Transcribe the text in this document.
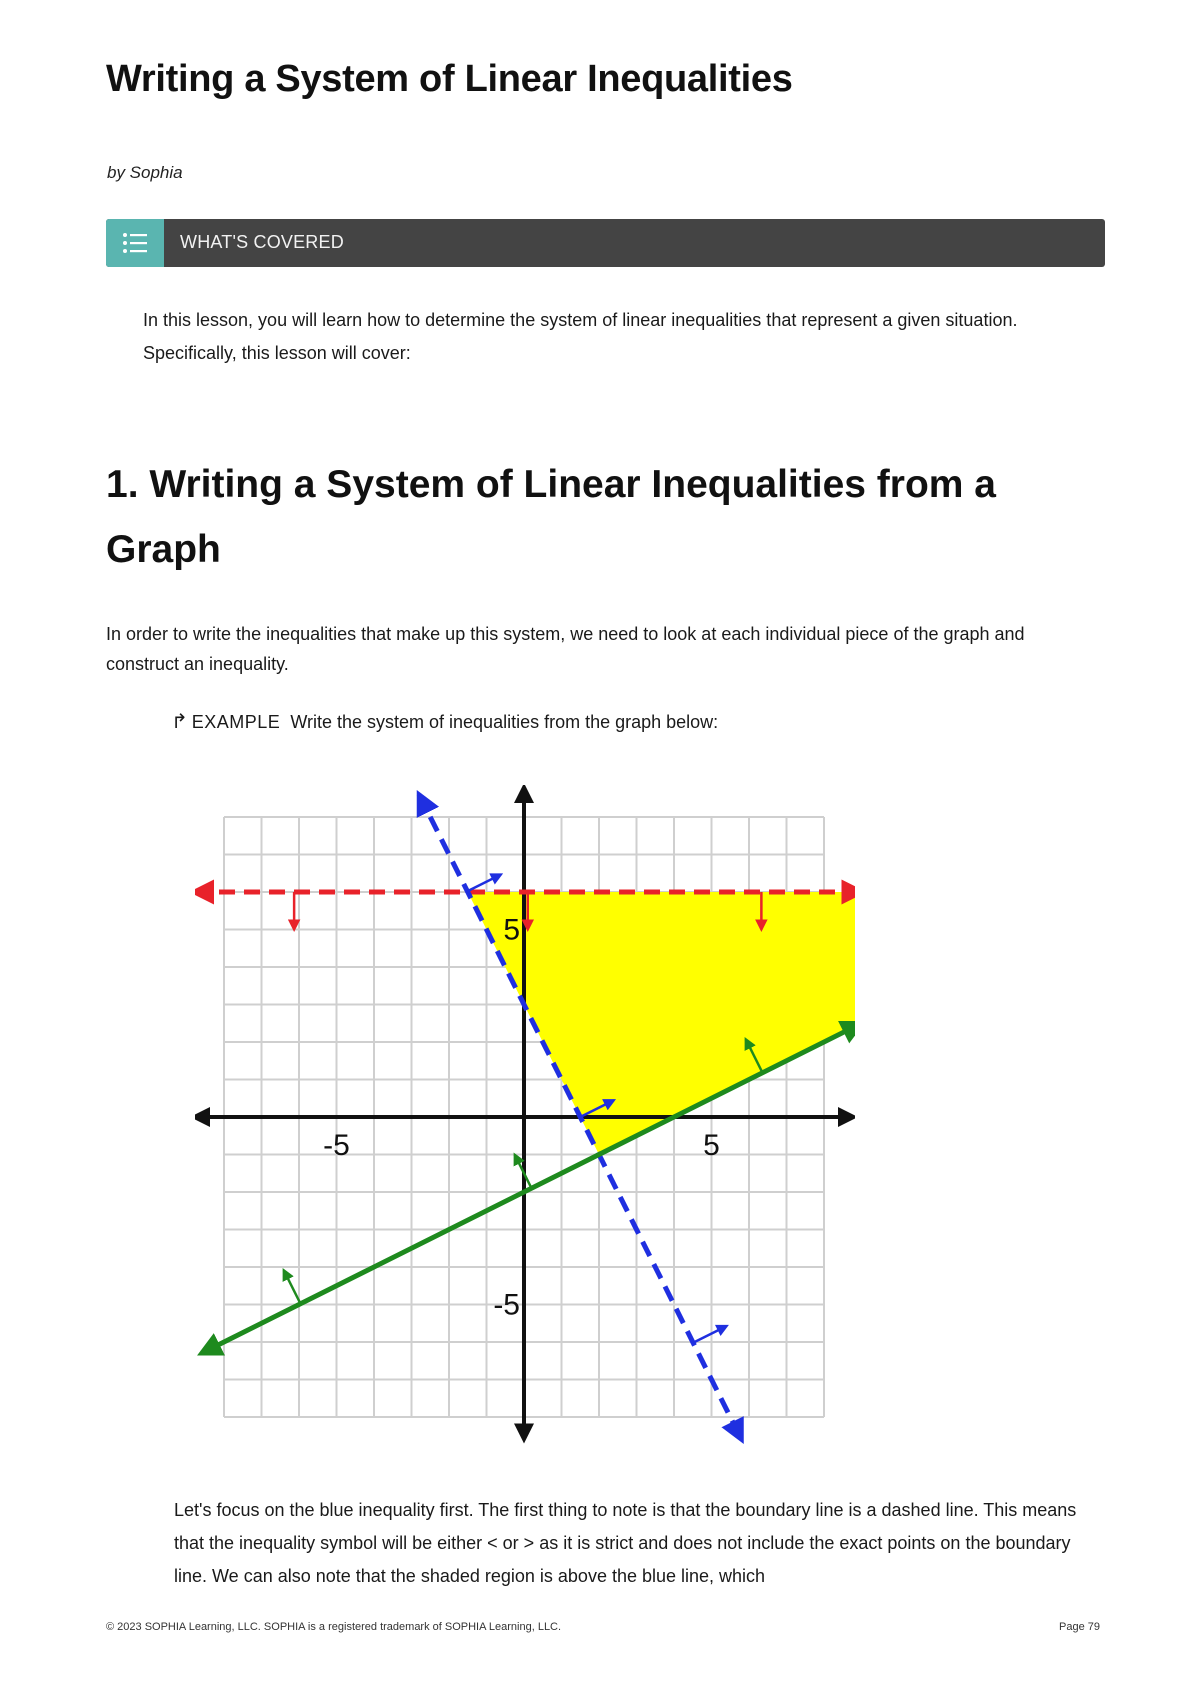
Writing a System of Linear Inequalities
by Sophia
WHAT'S COVERED

In this lesson, you will learn how to determine the system of linear inequalities that represent a given situation. Specifically, this lesson will cover:

1. Writing a System of Linear Inequalities from a Graph

In order to write the inequalities that make up this system, we need to look at each individual piece of the graph and construct an inequality.

↱ EXAMPLE Write the system of inequalities from the graph below:
-5	5
5
-5

Let's focus on the blue inequality first. The first thing to note is that the boundary line is a dashed line. This means that the inequality symbol will be either < or > as it is strict and does not include the exact points on the boundary line. We can also note that the shaded region is above the blue line, which

© 2023 SOPHIA Learning, LLC. SOPHIA is a registered trademark of SOPHIA Learning, LLC.	Page 79
